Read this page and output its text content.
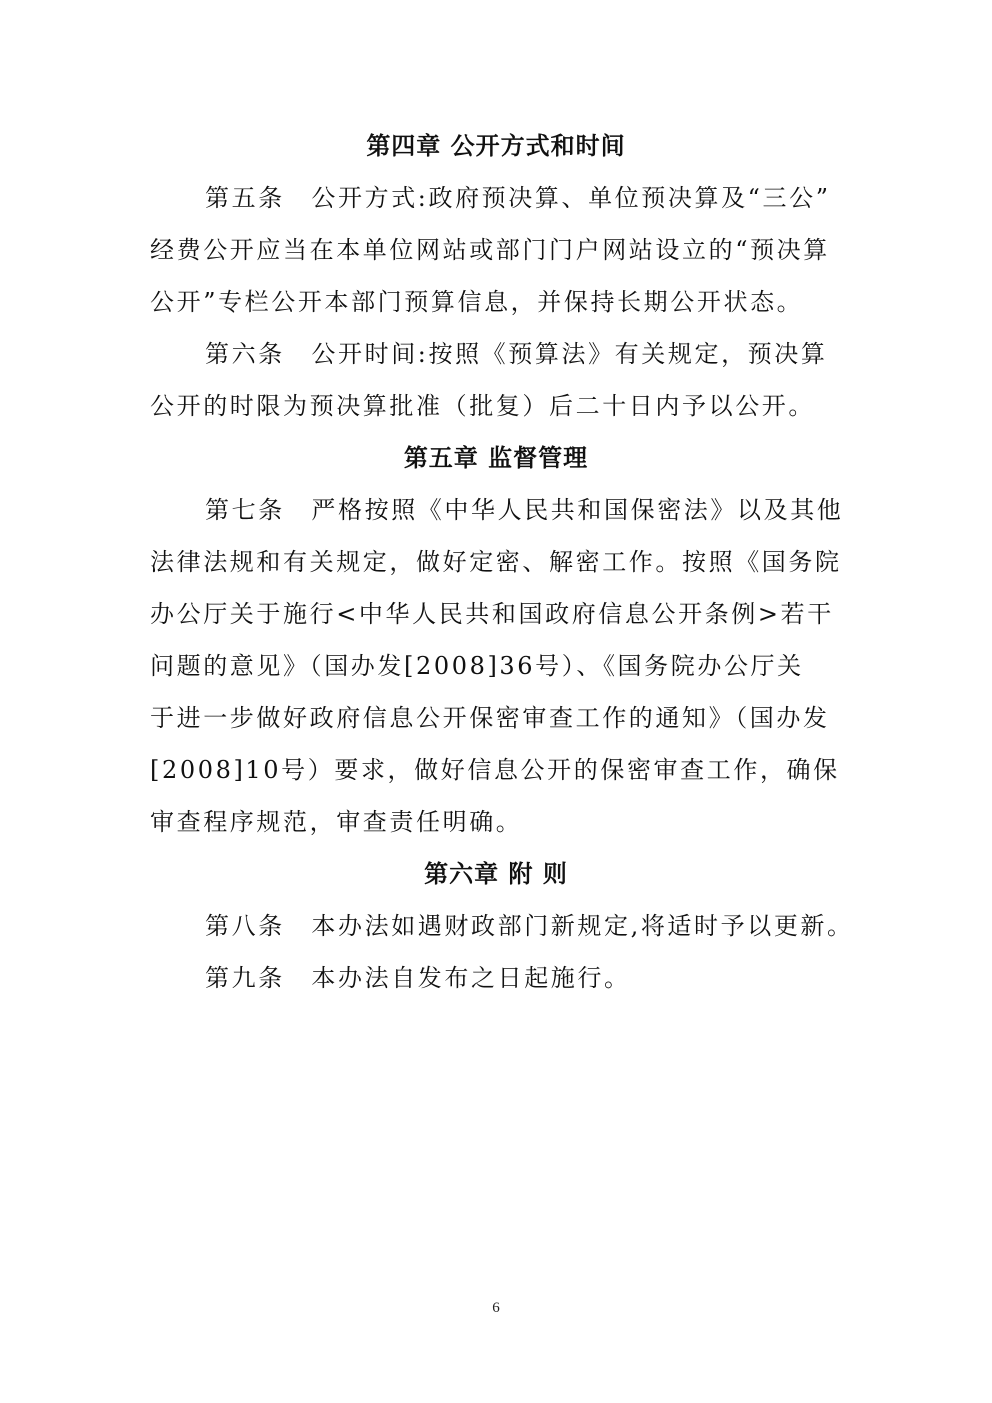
第四章 公开方式和时间
第五条　公开方式:政府预决算、单位预决算及“三公”
经费公开应当在本单位网站或部门门户网站设立的“预决算
公开”专栏公开本部门预算信息，并保持长期公开状态。
第六条　公开时间:按照《预算法》有关规定，预决算
公开的时限为预决算批准（批复）后二十日内予以公开。
第五章 监督管理
第七条　严格按照《中华人民共和国保密法》以及其他
法律法规和有关规定，做好定密、解密工作。按照《国务院
办公厅关于施行<中华人民共和国政府信息公开条例>若干
问题的意见》（国办发[2008]36号）、《国务院办公厅关
于进一步做好政府信息公开保密审查工作的通知》（国办发
[2008]10号）要求，做好信息公开的保密审查工作，确保
审查程序规范，审查责任明确。
第六章 附 则
第八条　本办法如遇财政部门新规定,将适时予以更新。
第九条　本办法自发布之日起施行。
6
